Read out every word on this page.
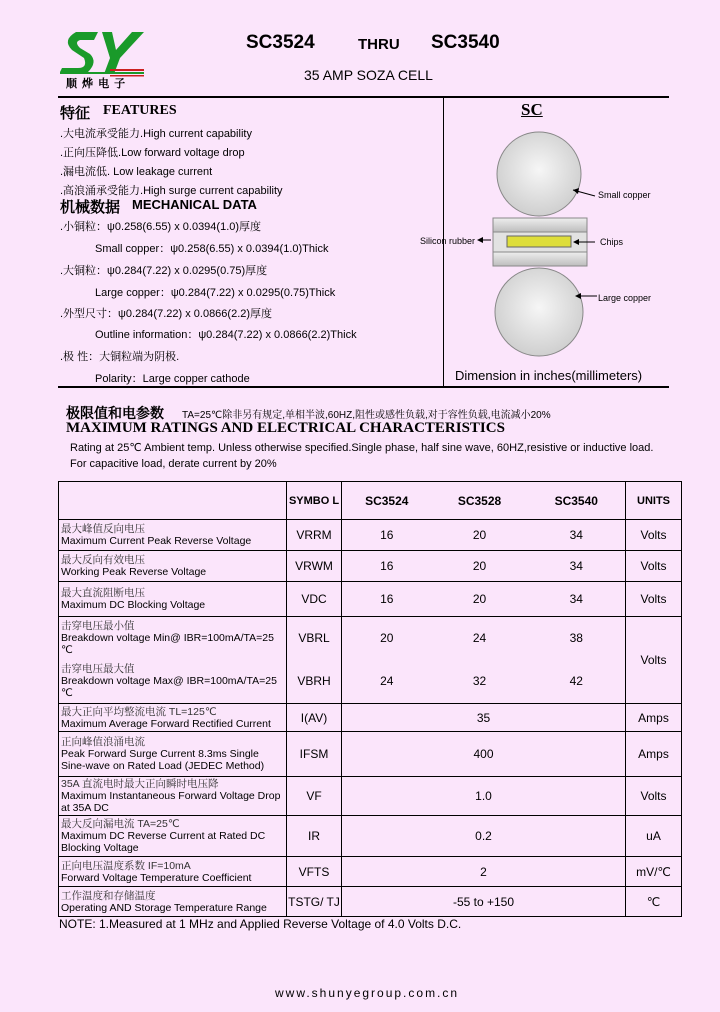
顺 烨 电 子
SC3524	THRU SC3540
35 AMP SOZA CELL
特征 FEATURES
.大电流承受能力.High current capability
.正向压降低.Low forward voltage drop
.漏电流低. Low leakage current
.高浪涌承受能力.High surge current capability
机械数据 MECHANICAL DATA
.小铜粒：ψ0.258(6.55) x 0.0394(1.0)厚度
Small copper：ψ0.258(6.55) x 0.0394(1.0)Thick
.大铜粒：ψ0.284(7.22) x 0.0295(0.75)厚度
Large copper：ψ0.284(7.22) x 0.0295(0.75)Thick
.外型尺寸：ψ0.284(7.22) x 0.0866(2.2)厚度
Outline information：ψ0.284(7.22) x 0.0866(2.2)Thick
.极 性：大铜粒端为阴极.
Polarity：Large copper cathode
SC
Small copper
Silicon rubber	Chips
Large copper
Dimension in inches(millimeters)
极限值和电参数 TA=25℃除非另有规定,单相半波,60HZ,阻性或感性负载,对于容性负载,电流减小20%
MAXIMUM RATINGS AND ELECTRICAL CHARACTERISTICS
Rating at 25℃ Ambient temp. Unless otherwise specified.Single phase, half sine wave, 60HZ,resistive or inductive load.
For capacitive load, derate current by 20%
	SYMBO L	SC3524	SC3528	SC3540	UNITS

最大峰值反向电压
Maximum Current Peak Reverse Voltage	VRRM	16	20	34	Volts

最大反向有效电压
Working Peak Reverse Voltage	VRWM	16	20	34	Volts

最大直流阻断电压
Maximum DC Blocking Voltage	VDC	16	20	34	Volts

击穿电压最小值
Breakdown voltage Min@ IBR=100mA/TA=25 ℃	VBRL	20	24	38	Volts

击穿电压最大值
Breakdown voltage Max@ IBR=100mA/TA=25 ℃	VBRH	24	32	42	

最大正向平均整流电流 TL=125℃
Maximum Average Forward Rectified Current	I(AV)	35			Amps

正向峰值浪涌电流
Peak Forward Surge Current 8.3ms Single Sine-wave on Rated Load (JEDEC Method)	IFSM	400			Amps

35A 直流电时最大正向瞬时电压降
Maximum Instantaneous Forward Voltage Drop at 35A DC	VF	1.0			Volts

最大反向漏电流 TA=25℃
Maximum DC Reverse Current at Rated DC Blocking Voltage	IR	0.2			uA

正向电压温度系数 IF=10mA
Forward Voltage Temperature Coefficient	VFTS	2			mV/℃

工作温度和存储温度
Operating AND Storage Temperature Range	TSTG/ TJ	-55 to +150			℃
NOTE: 1.Measured at 1 MHz and Applied Reverse Voltage of 4.0 Volts D.C.
www.shunyegroup.com.cn
